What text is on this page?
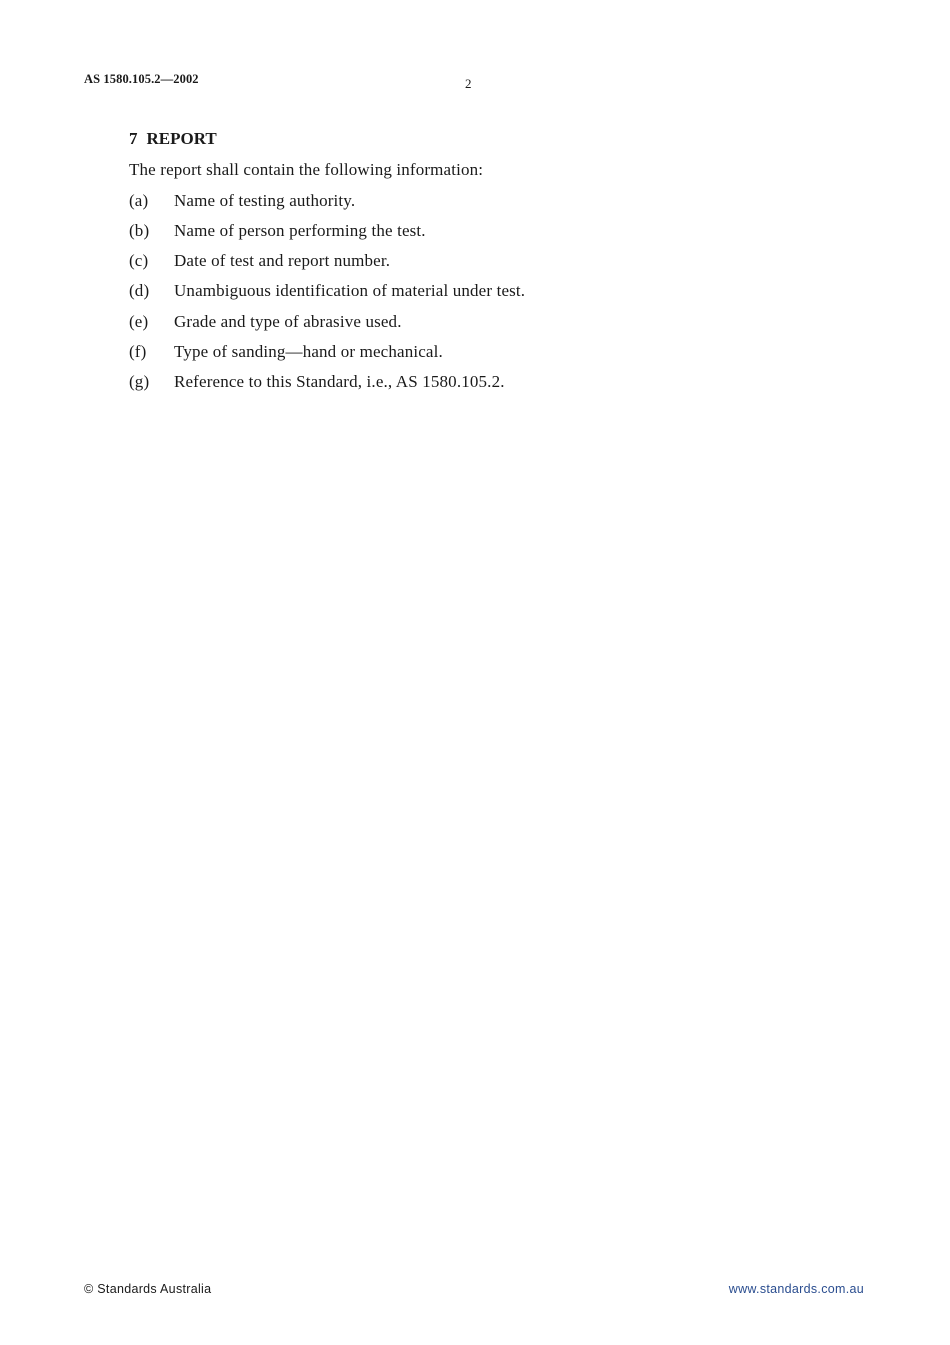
AS 1580.105.2—2002	2
7 REPORT
The report shall contain the following information:
(a)	Name of testing authority.
(b)	Name of person performing the test.
(c)	Date of test and report number.
(d)	Unambiguous identification of material under test.
(e)	Grade and type of abrasive used.
(f)	Type of sanding—hand or mechanical.
(g)	Reference to this Standard, i.e., AS 1580.105.2.
© Standards Australia	www.standards.com.au
